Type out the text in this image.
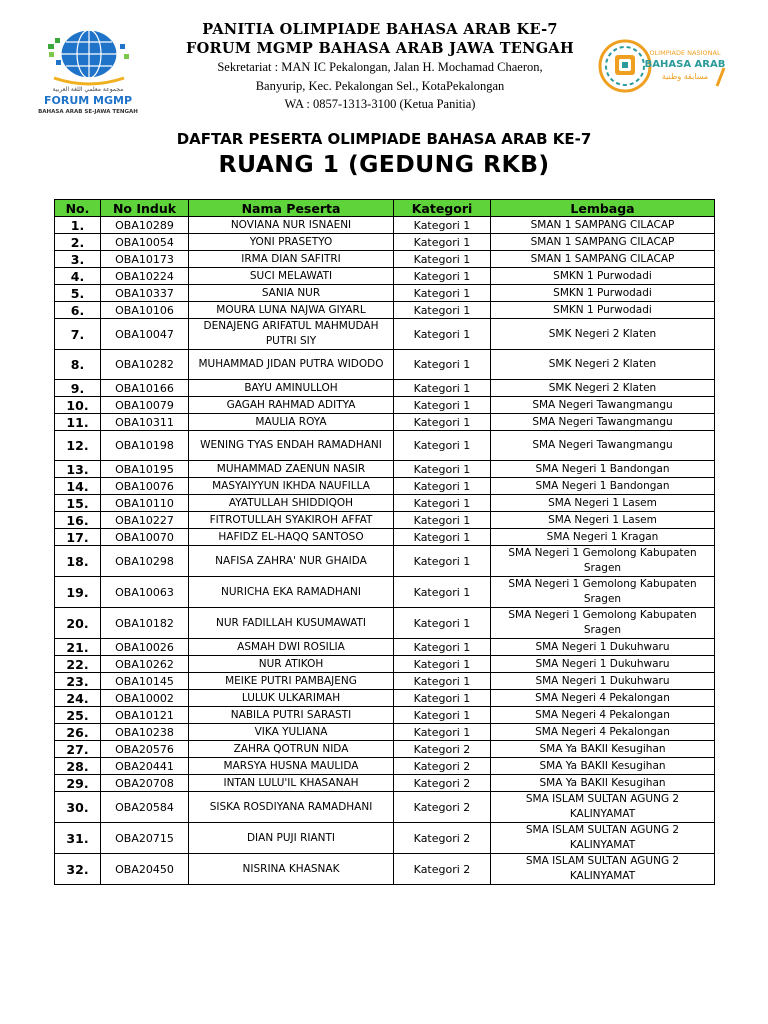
مجموعة معلمي اللغة العربية
FORUM MGMP
BAHASA ARAB SE-JAWA TENGAH
PANITIA OLIMPIADE BAHASA ARAB KE-7
FORUM MGMP BAHASA ARAB JAWA TENGAH
Sekretariat : MAN IC Pekalongan, Jalan H. Mochamad Chaeron,
Banyurip, Kec. Pekalongan Sel., KotaPekalongan
WA : 0857-1313-3100 (Ketua Panitia)
OLIMPIADE NASIONAL
BAHASA ARAB
مسابقة وطنية
DAFTAR PESERTA OLIMPIADE BAHASA ARAB KE-7
RUANG 1 (GEDUNG RKB)
No.	No Induk	Nama Peserta	Kategori	Lembaga
1.	OBA10289	NOVIANA NUR ISNAENI	Kategori 1	SMAN 1 SAMPANG CILACAP
2.	OBA10054	YONI PRASETYO	Kategori 1	SMAN 1 SAMPANG CILACAP
3.	OBA10173	IRMA DIAN SAFITRI	Kategori 1	SMAN 1 SAMPANG CILACAP
4.	OBA10224	SUCI MELAWATI	Kategori 1	SMKN 1 Purwodadi
5.	OBA10337	SANIA NUR	Kategori 1	SMKN 1 Purwodadi
6.	OBA10106	MOURA LUNA NAJWA GIYARL	Kategori 1	SMKN 1 Purwodadi
7.	OBA10047	DENAJENG ARIFATUL MAHMUDAH PUTRI SIY	Kategori 1	SMK Negeri 2 Klaten
8.	OBA10282	MUHAMMAD JIDAN PUTRA WIDODO	Kategori 1	SMK Negeri 2 Klaten
9.	OBA10166	BAYU AMINULLOH	Kategori 1	SMK Negeri 2 Klaten
10.	OBA10079	GAGAH RAHMAD ADITYA	Kategori 1	SMA Negeri Tawangmangu
11.	OBA10311	MAULIA ROYA	Kategori 1	SMA Negeri Tawangmangu
12.	OBA10198	WENING TYAS ENDAH RAMADHANI	Kategori 1	SMA Negeri Tawangmangu
13.	OBA10195	MUHAMMAD ZAENUN NASIR	Kategori 1	SMA Negeri 1 Bandongan
14.	OBA10076	MASYAIYYUN IKHDA NAUFILLA	Kategori 1	SMA Negeri 1 Bandongan
15.	OBA10110	AYATULLAH SHIDDIQOH	Kategori 1	SMA Negeri 1 Lasem
16.	OBA10227	FITROTULLAH SYAKIROH AFFAT	Kategori 1	SMA Negeri 1 Lasem
17.	OBA10070	HAFIDZ EL-HAQQ SANTOSO	Kategori 1	SMA Negeri 1 Kragan
18.	OBA10298	NAFISA ZAHRA' NUR GHAIDA	Kategori 1	SMA Negeri 1 Gemolong Kabupaten Sragen
19.	OBA10063	NURICHA EKA RAMADHANI	Kategori 1	SMA Negeri 1 Gemolong Kabupaten Sragen
20.	OBA10182	NUR FADILLAH KUSUMAWATI	Kategori 1	SMA Negeri 1 Gemolong Kabupaten Sragen
21.	OBA10026	ASMAH DWI ROSILIA	Kategori 1	SMA Negeri 1 Dukuhwaru
22.	OBA10262	NUR ATIKOH	Kategori 1	SMA Negeri 1 Dukuhwaru
23.	OBA10145	MEIKE PUTRI PAMBAJENG	Kategori 1	SMA Negeri 1 Dukuhwaru
24.	OBA10002	LULUK ULKARIMAH	Kategori 1	SMA Negeri 4 Pekalongan
25.	OBA10121	NABILA PUTRI SARASTI	Kategori 1	SMA Negeri 4 Pekalongan
26.	OBA10238	VIKA YULIANA	Kategori 1	SMA Negeri 4 Pekalongan
27.	OBA20576	ZAHRA QOTRUN NIDA	Kategori 2	SMA Ya BAKII Kesugihan
28.	OBA20441	MARSYA HUSNA MAULIDA	Kategori 2	SMA Ya BAKII Kesugihan
29.	OBA20708	INTAN LULU'IL KHASANAH	Kategori 2	SMA Ya BAKII Kesugihan
30.	OBA20584	SISKA ROSDIYANA RAMADHANI	Kategori 2	SMA ISLAM SULTAN AGUNG 2 KALINYAMAT
31.	OBA20715	DIAN PUJI RIANTI	Kategori 2	SMA ISLAM SULTAN AGUNG 2 KALINYAMAT
32.	OBA20450	NISRINA KHASNAK	Kategori 2	SMA ISLAM SULTAN AGUNG 2 KALINYAMAT
